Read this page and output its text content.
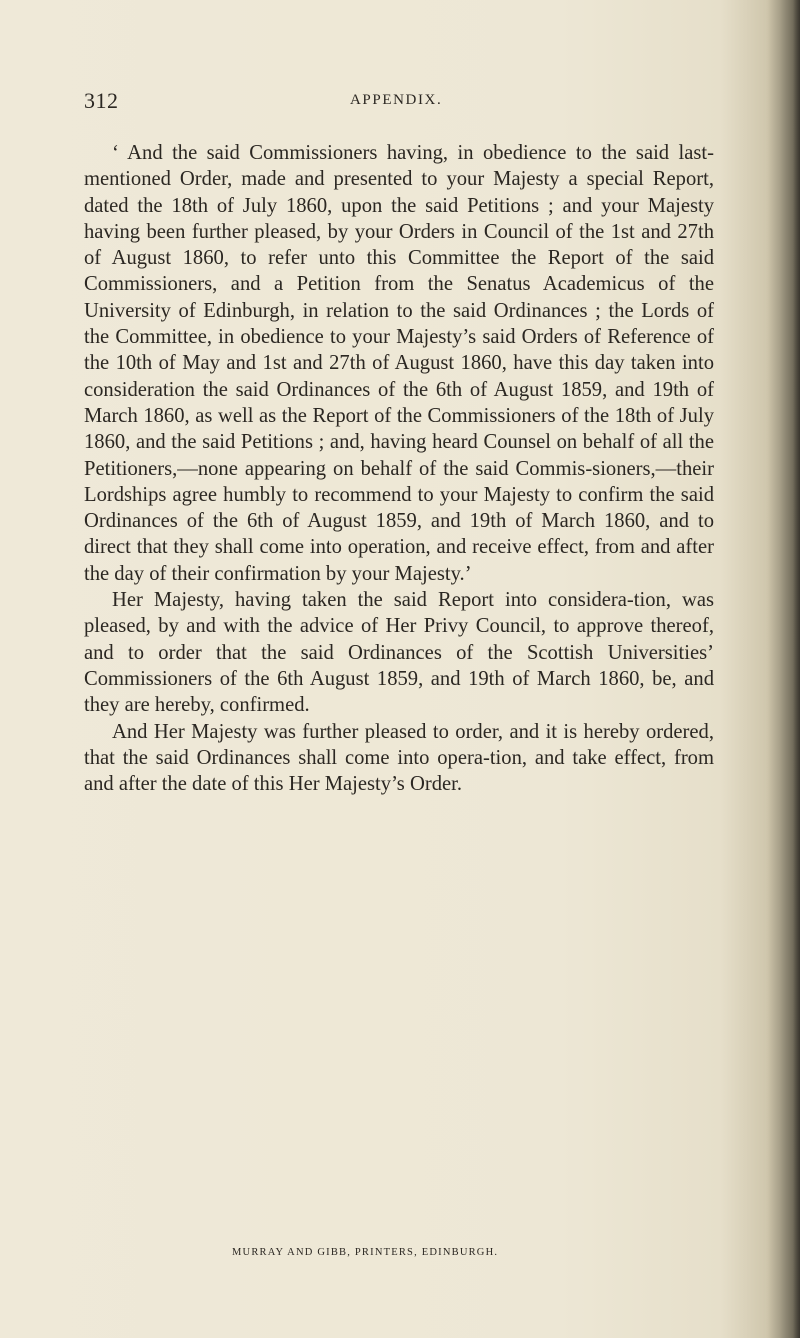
312	APPENDIX.

‘ And the said Commissioners having, in obedience to the said last-mentioned Order, made and presented to your Majesty a special Report, dated the 18th of July 1860, upon the said Petitions ; and your Majesty having been further pleased, by your Orders in Council of the 1st and 27th of August 1860, to refer unto this Committee the Report of the said Commissioners, and a Petition from the Senatus Academicus of the University of Edinburgh, in relation to the said Ordinances ; the Lords of the Committee, in obedience to your Majesty’s said Orders of Reference of the 10th of May and 1st and 27th of August 1860, have this day taken into consideration the said Ordinances of the 6th of August 1859, and 19th of March 1860, as well as the Report of the Commissioners of the 18th of July 1860, and the said Petitions ; and, having heard Counsel on behalf of all the Petitioners,—none appearing on behalf of the said Commis-sioners,—their Lordships agree humbly to recommend to your Majesty to confirm the said Ordinances of the 6th of August 1859, and 19th of March 1860, and to direct that they shall come into operation, and receive effect, from and after the day of their confirmation by your Majesty.’

Her Majesty, having taken the said Report into considera-tion, was pleased, by and with the advice of Her Privy Council, to approve thereof, and to order that the said Ordinances of the Scottish Universities’ Commissioners of the 6th August 1859, and 19th of March 1860, be, and they are hereby, confirmed.

And Her Majesty was further pleased to order, and it is hereby ordered, that the said Ordinances shall come into opera-tion, and take effect, from and after the date of this Her Majesty’s Order.

MURRAY AND GIBB, PRINTERS, EDINBURGH.
